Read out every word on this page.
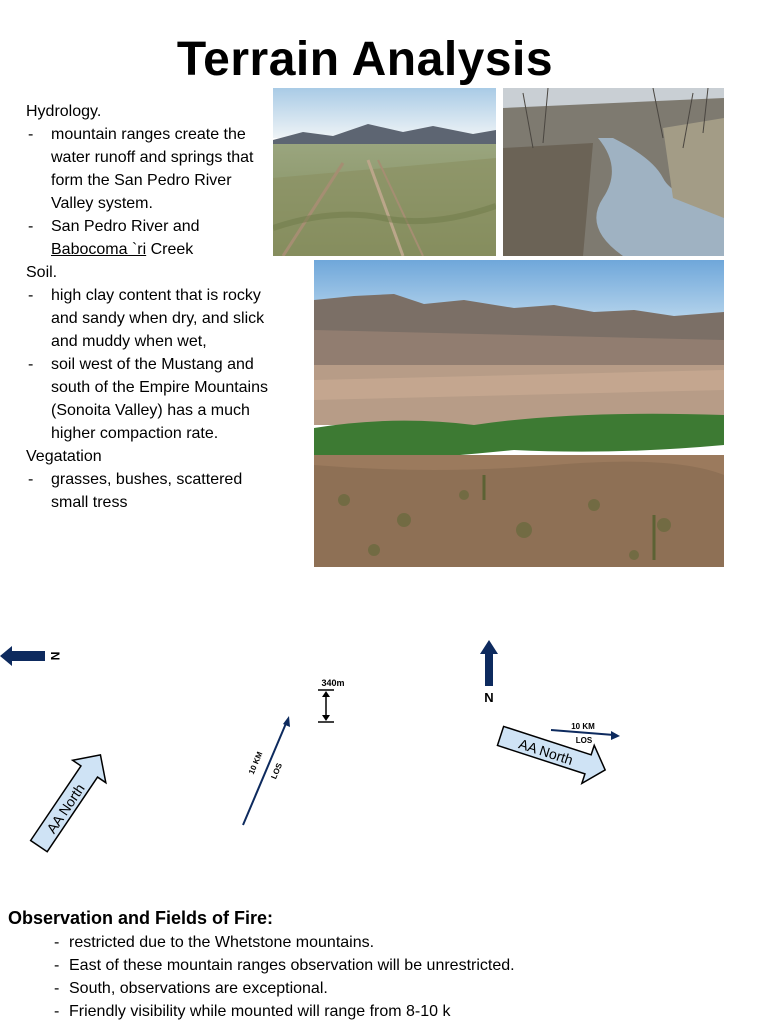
Terrain Analysis
Hydrology.
- mountain ranges create the water runoff and springs that form the San Pedro River Valley system.
- San Pedro River and
Babocoma `ri Creek
Soil.
- high clay content that is rocky and sandy when dry, and slick and muddy when wet,
- soil west of the Mustang and south of the Empire Mountains (Sonoita Valley) has a much higher compaction rate.
Vegatation
- grasses, bushes, scattered small tress
N
N
AA North
AA North
10 KM LOS
10 KM
LOS
340m
Observation and Fields of Fire:
- restricted due to the Whetstone mountains.
- East of these mountain ranges observation will be unrestricted.
- South, observations are exceptional.
- Friendly visibility while mounted will range from 8-10 k
